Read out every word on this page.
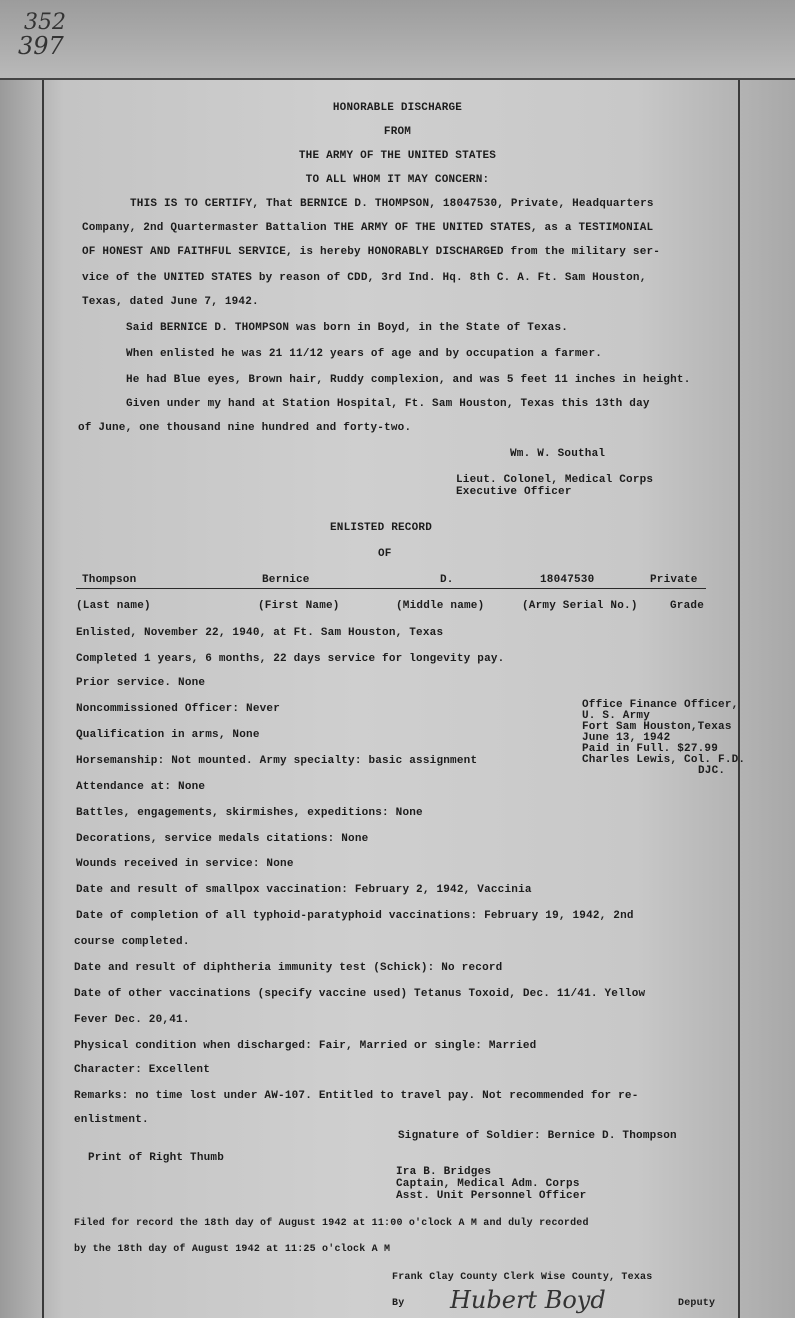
352
397
HONORABLE DISCHARGE
FROM
THE ARMY OF THE UNITED STATES
TO ALL WHOM IT MAY CONCERN:
THIS IS TO CERTIFY, That BERNICE D. THOMPSON, 18047530, Private, Headquarters
Company, 2nd Quartermaster Battalion THE ARMY OF THE UNITED STATES, as a TESTIMONIAL
OF HONEST AND FAITHFUL SERVICE, is hereby HONORABLY DISCHARGED from the military ser-
vice of the UNITED STATES by reason of CDD, 3rd Ind. Hq. 8th C. A. Ft. Sam Houston,
Texas, dated June 7, 1942.
Said BERNICE D. THOMPSON was born in Boyd, in the State of Texas.
When enlisted he was 21 11/12 years of age and by occupation a farmer.
He had Blue eyes, Brown hair, Ruddy complexion, and was 5 feet 11 inches in height.
Given under my hand at Station Hospital, Ft. Sam Houston, Texas this 13th day
of June, one thousand nine hundred and forty-two.
Wm. W. Southal
Lieut. Colonel, Medical Corps
Executive Officer
ENLISTED RECORD
OF
Thompson	Bernice	D.	18047530	Private
(Last name)	(First Name)	(Middle name)	(Army Serial No.)	Grade
Enlisted, November 22, 1940, at Ft. Sam Houston, Texas
Completed 1 years, 6 months, 22 days service for longevity pay.
Prior service. None
Noncommissioned Officer: Never
Qualification in arms, None
Horsemanship: Not mounted. Army specialty: basic assignment
Attendance at: None
Battles, engagements, skirmishes, expeditions: None
Decorations, service medals citations: None
Wounds received in service: None
Date and result of smallpox vaccination: February 2, 1942, Vaccinia
Date of completion of all typhoid-paratyphoid vaccinations: February 19, 1942, 2nd
course completed.
Date and result of diphtheria immunity test (Schick): No record
Date of other vaccinations (specify vaccine used) Tetanus Toxoid, Dec. 11/41. Yellow
Fever Dec. 20,41.
Physical condition when discharged: Fair, Married or single: Married
Character: Excellent
Remarks: no time lost under AW-107. Entitled to travel pay. Not recommended for re-
enlistment.
Signature of Soldier: Bernice D. Thompson
Print of Right Thumb
Ira B. Bridges
Captain, Medical Adm. Corps
Asst. Unit Personnel Officer
Office Finance Officer,
U. S. Army
Fort Sam Houston,Texas
June 13, 1942
Paid in Full. $27.99
Charles Lewis, Col. F.D.
DJC.
Filed for record the 18th day of August 1942 at 11:00 o'clock A M and duly recorded
by the 18th day of August 1942 at 11:25 o'clock A M
Frank Clay County Clerk Wise County, Texas
By Hubert Boyd	Deputy
